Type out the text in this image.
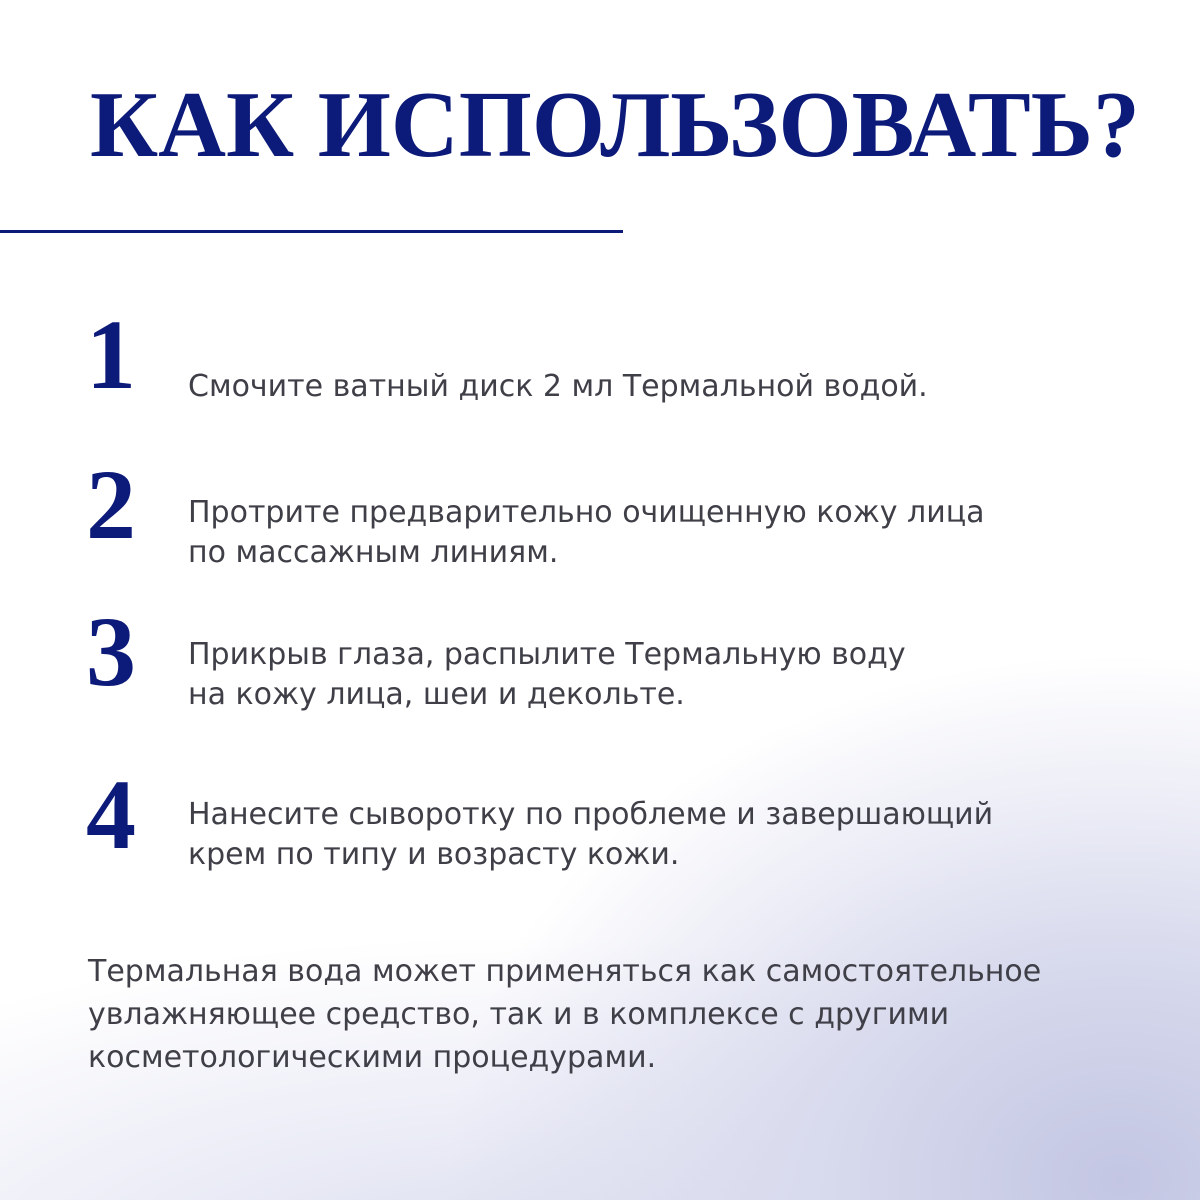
КАК ИСПОЛЬЗОВАТЬ?
1 Смочите ватный диск 2 мл Термальной водой.

2 Протрите предварительно очищенную кожу лица
по массажным линиям.

3 Прикрыв глаза, распылите Термальную воду
на кожу лица, шеи и декольте.

4 Нанесите сыворотку по проблеме и завершающий
крем по типу и возрасту кожи.

Термальная вода может применяться как самостоятельное
увлажняющее средство, так и в комплексе с другими
косметологическими процедурами.
